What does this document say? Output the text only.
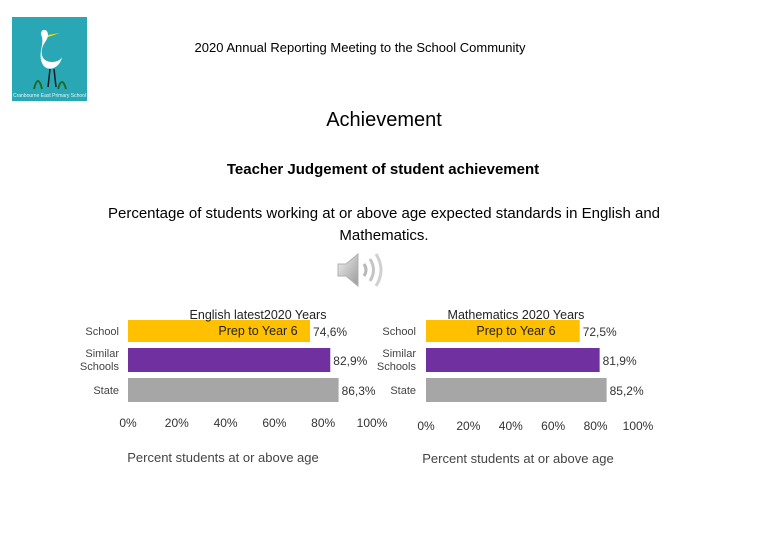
Cranbourne East Primary School
2020 Annual Reporting Meeting to the School Community
Achievement
Teacher Judgement of student achievement
Percentage of students working at or above age expected standards in English and Mathematics.
School	74,6%
Similar
Schools	82,9%
State	86,3%
0% 20% 40% 60% 80% 100%
Percent students at or above age
English latest2020 Years
Prep to Year 6	School	72,5%
Similar
Schools	81,9%
State	85,2%
0% 20% 40% 60% 80% 100%
Percent students at or above age
Mathematics 2020 Years
Prep to Year 6
